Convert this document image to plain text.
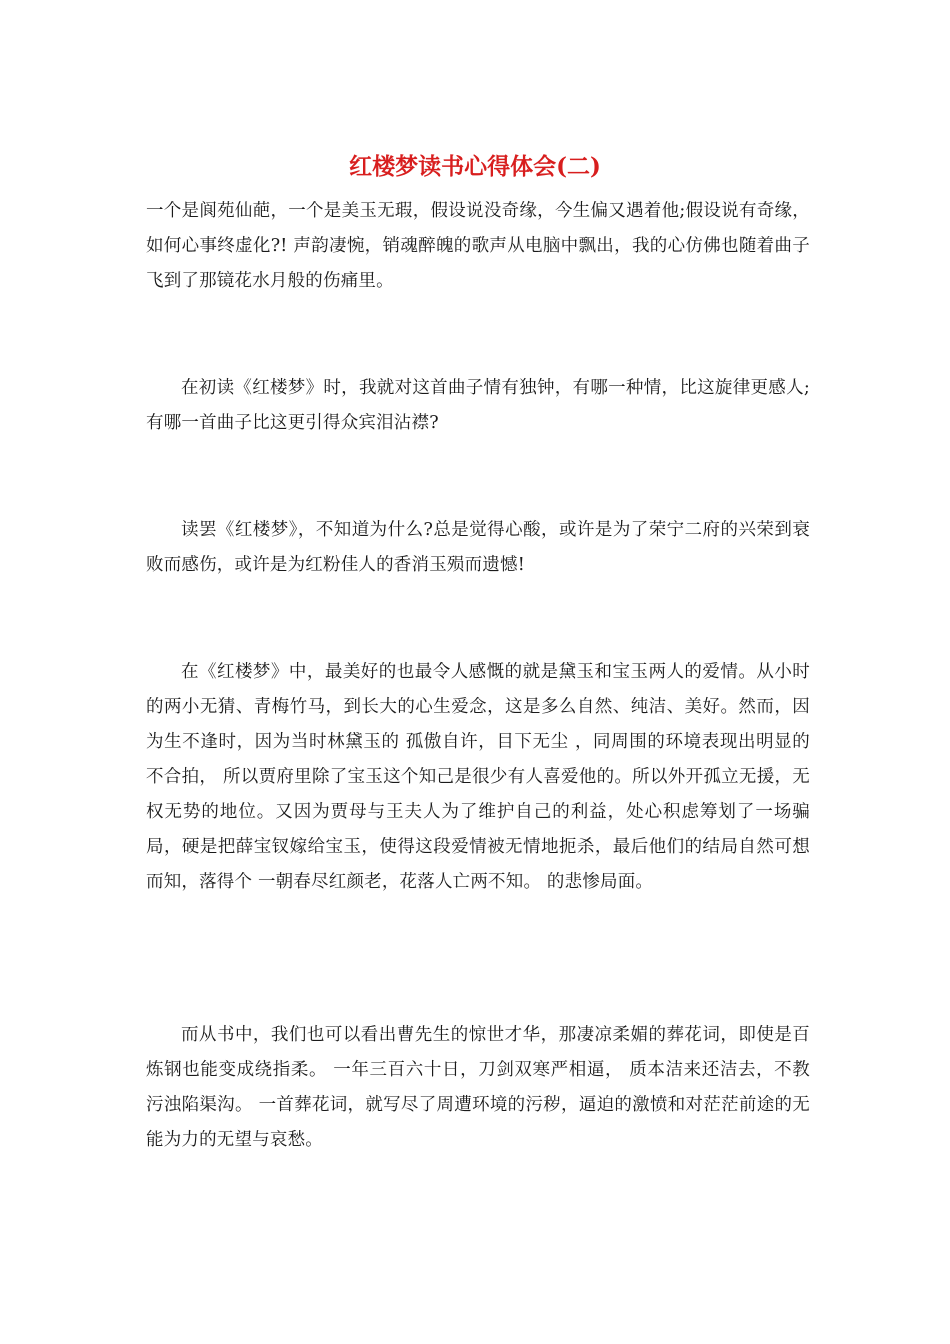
红楼梦读书心得体会(二)

一个是阆苑仙葩，一个是美玉无瑕，假设说没奇缘，今生偏又遇着他;假设说有奇缘，如何心事终虚化?! 声韵凄惋，销魂醉魄的歌声从电脑中飘出，我的心仿佛也随着曲子飞到了那镜花水月般的伤痛里。

在初读《红楼梦》时，我就对这首曲子情有独钟，有哪一种情，比这旋律更感人;有哪一首曲子比这更引得众宾泪沾襟?

读罢《红楼梦》，不知道为什么?总是觉得心酸，或许是为了荣宁二府的兴荣到衰败而感伤，或许是为红粉佳人的香消玉殒而遗憾!

在《红楼梦》中，最美好的也最令人感慨的就是黛玉和宝玉两人的爱情。从小时的两小无猜、青梅竹马，到长大的心生爱念，这是多么自然、纯洁、美好。然而，因为生不逢时，因为当时林黛玉的 孤傲自许，目下无尘 ，同周围的环境表现出明显的不合拍， 所以贾府里除了宝玉这个知己是很少有人喜爱他的。所以外开孤立无援，无权无势的地位。又因为贾母与王夫人为了维护自己的利益，处心积虑筹划了一场骗局，硬是把薛宝钗嫁给宝玉，使得这段爱情被无情地扼杀，最后他们的结局自然可想而知，落得个 一朝春尽红颜老，花落人亡两不知。 的悲惨局面。

而从书中，我们也可以看出曹先生的惊世才华，那凄凉柔媚的葬花词，即使是百炼钢也能变成绕指柔。 一年三百六十日，刀剑双寒严相逼， 质本洁来还洁去，不教污浊陷渠沟。 一首葬花词，就写尽了周遭环境的污秽，逼迫的激愤和对茫茫前途的无能为力的无望与哀愁。
